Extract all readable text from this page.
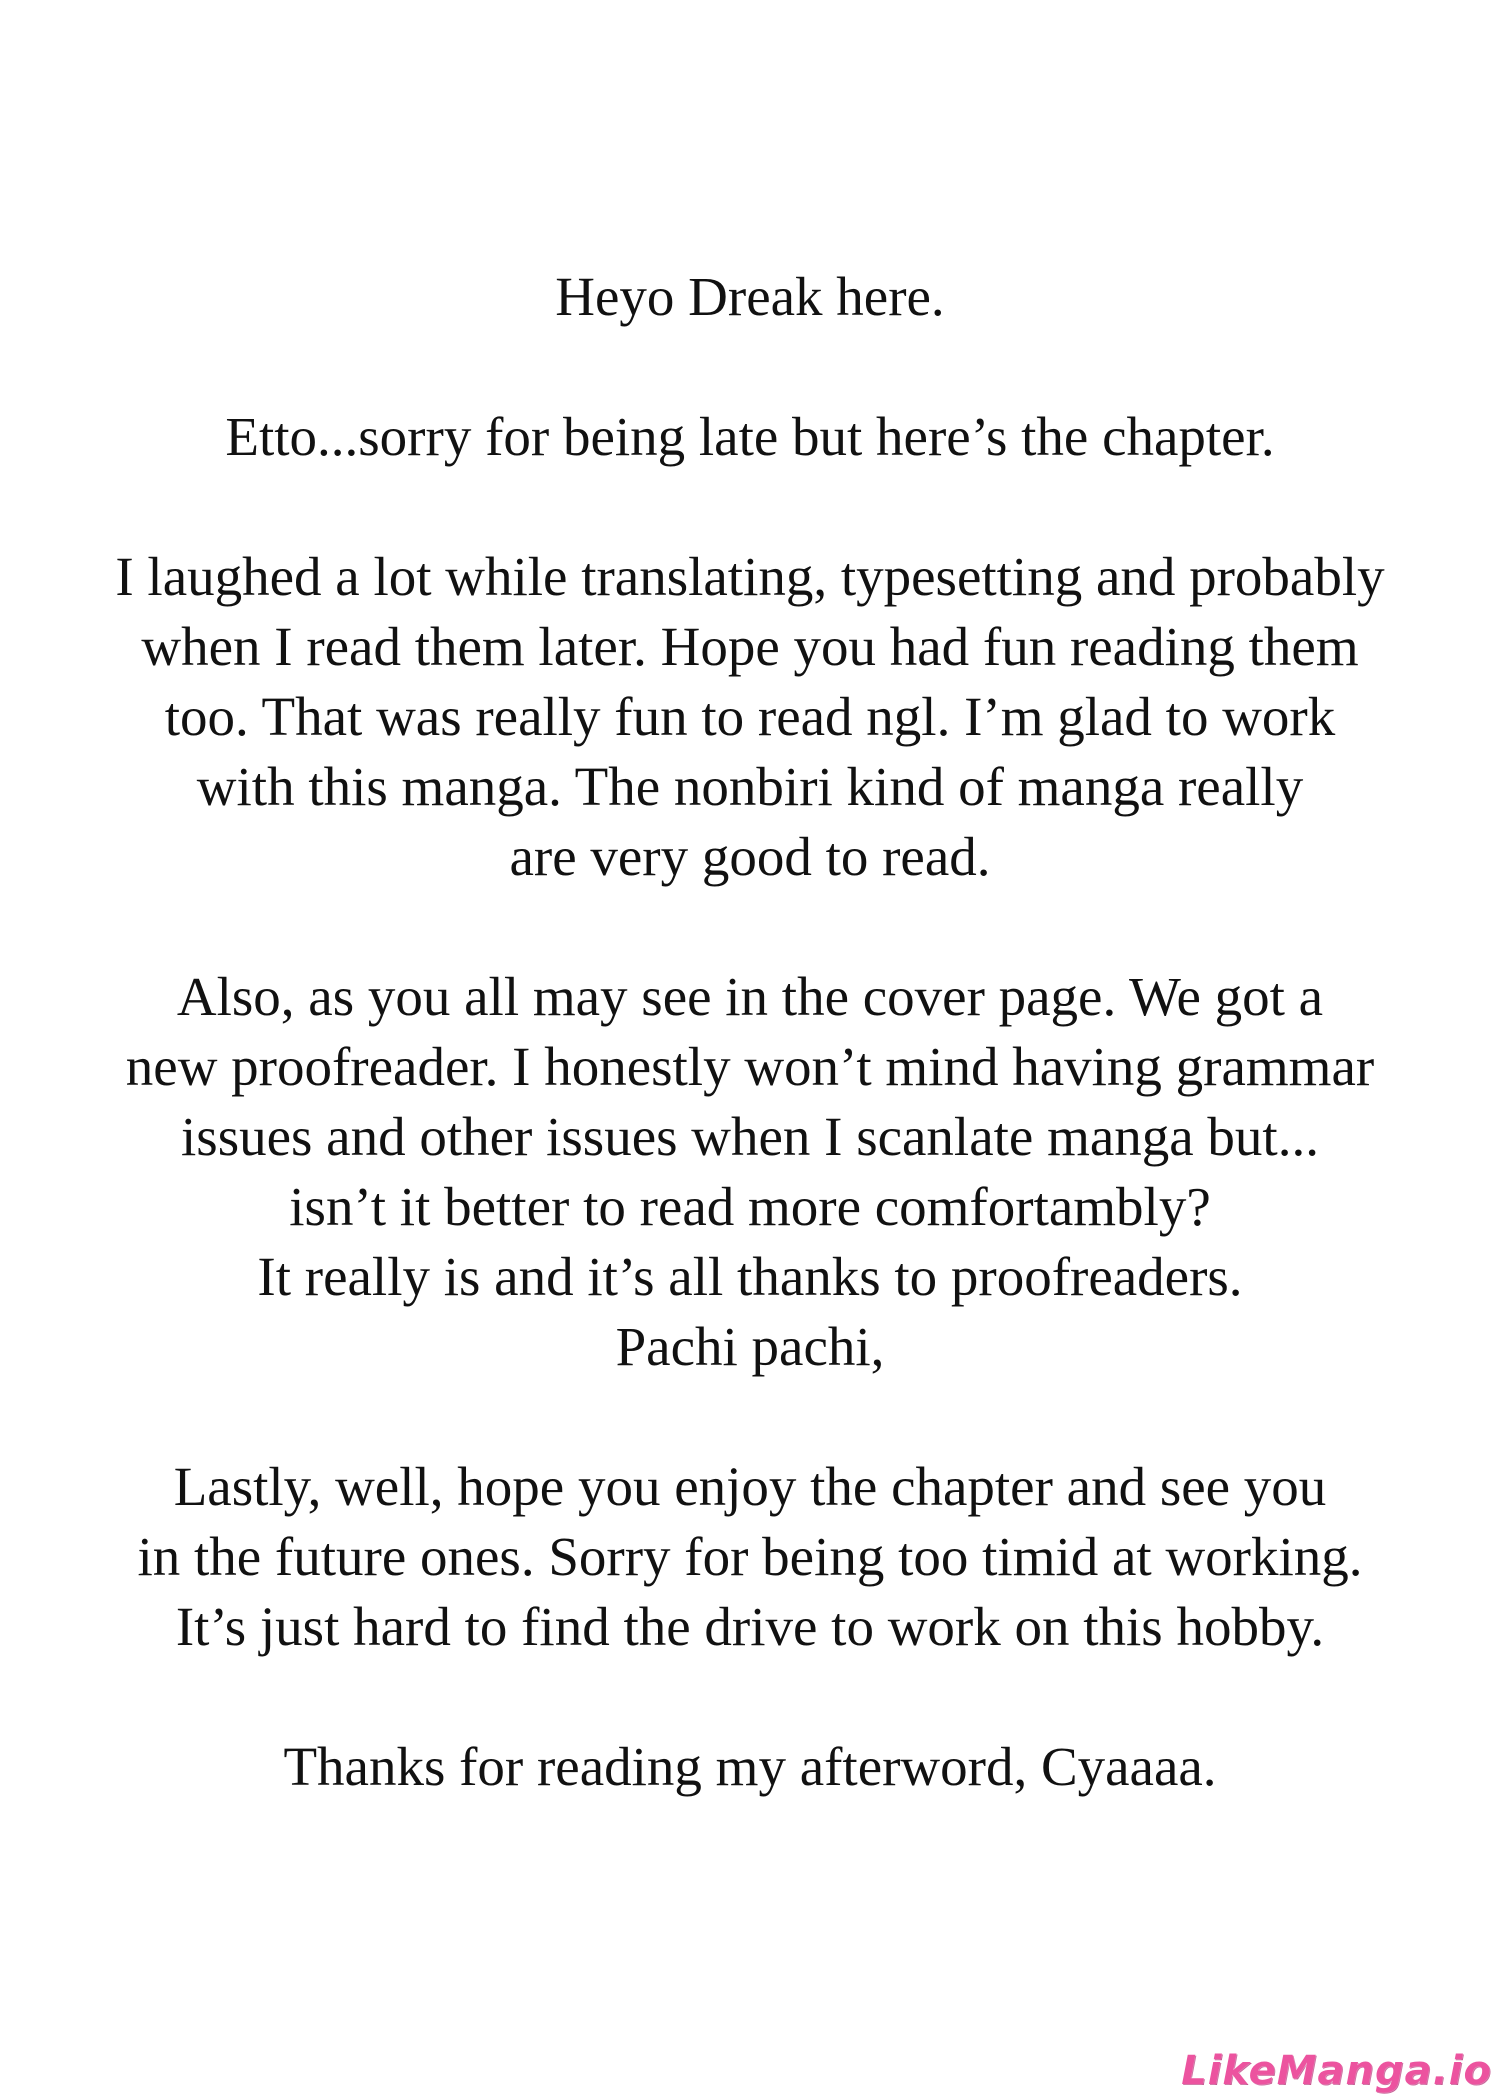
Heyo Dreak here.

Etto...sorry for being late but here’s the chapter.

I laughed a lot while translating, typesetting and probably
when I read them later. Hope you had fun reading them
too. That was really fun to read ngl. I’m glad to work
with this manga. The nonbiri kind of manga really
are very good to read.

Also, as you all may see in the cover page. We got a
new proofreader. I honestly won’t mind having grammar
issues and other issues when I scanlate manga but...
isn’t it better to read more comfortambly?
It really is and it’s all thanks to proofreaders.
Pachi pachi,

Lastly, well, hope you enjoy the chapter and see you
in the future ones. Sorry for being too timid at working.
It’s just hard to find the drive to work on this hobby.

Thanks for reading my afterword, Cyaaaa.

LikeManga.io
